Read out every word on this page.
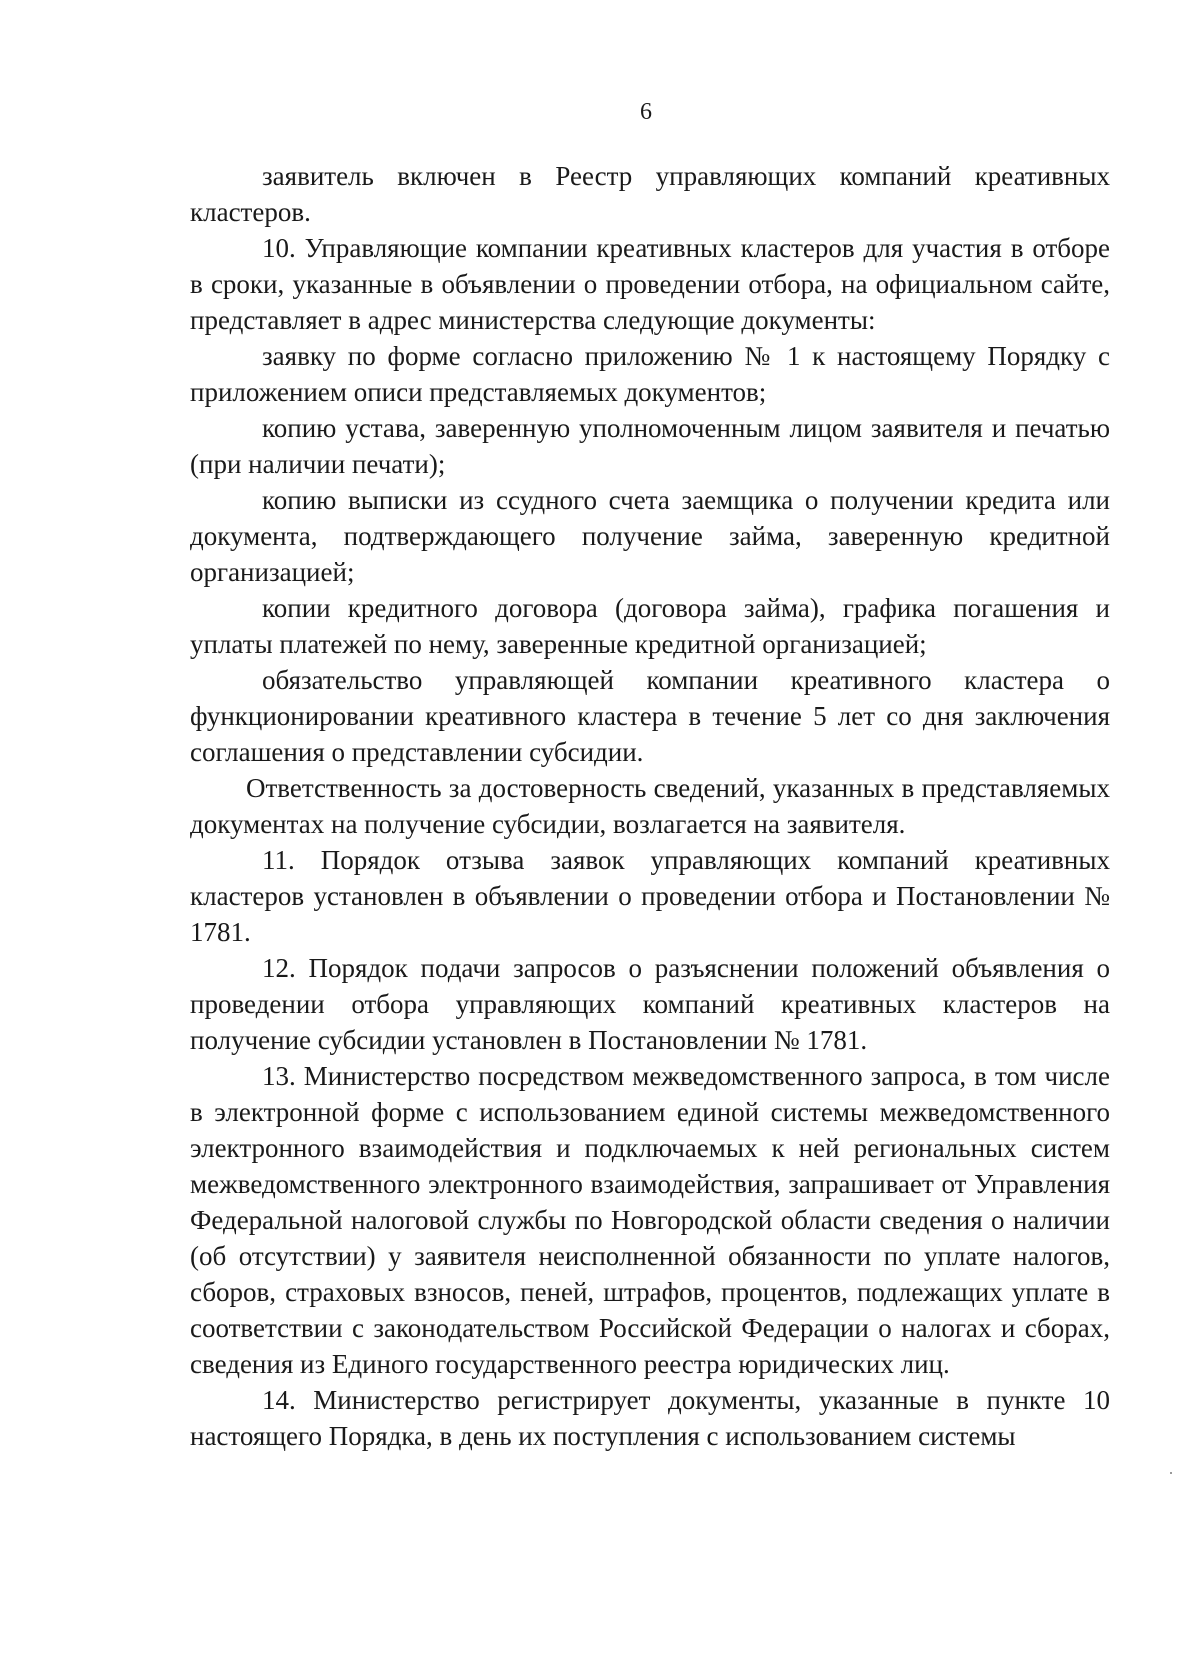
6

заявитель включен в Реестр управляющих компаний креативных кластеров.

10. Управляющие компании креативных кластеров для участия в отборе в сроки, указанные в объявлении о проведении отбора, на официальном сайте, представляет в адрес министерства следующие документы:

заявку по форме согласно приложению № 1 к настоящему Порядку с приложением описи представляемых документов;

копию устава, заверенную уполномоченным лицом заявителя и печатью (при наличии печати);

копию выписки из ссудного счета заемщика о получении кредита или документа, подтверждающего получение займа, заверенную кредитной организацией;

копии кредитного договора (договора займа), графика погашения и уплаты платежей по нему, заверенные кредитной организацией;

обязательство управляющей компании креативного кластера о функционировании креативного кластера в течение 5 лет со дня заключения соглашения о представлении субсидии.

Ответственность за достоверность сведений, указанных в представляемых документах на получение субсидии, возлагается на заявителя.

11. Порядок отзыва заявок управляющих компаний креативных кластеров установлен в объявлении о проведении отбора и Постановлении № 1781.

12. Порядок подачи запросов о разъяснении положений объявления о проведении отбора управляющих компаний креативных кластеров на получение субсидии установлен в Постановлении № 1781.

13. Министерство посредством межведомственного запроса, в том числе в электронной форме с использованием единой системы межведомственного электронного взаимодействия и подключаемых к ней региональных систем межведомственного электронного взаимодействия, запрашивает от Управления Федеральной налоговой службы по Новгородской области сведения о наличии (об отсутствии) у заявителя неисполненной обязанности по уплате налогов, сборов, страховых взносов, пеней, штрафов, процентов, подлежащих уплате в соответствии с законодательством Российской Федерации о налогах и сборах, сведения из Единого государственного реестра юридических лиц.

14. Министерство регистрирует документы, указанные в пункте 10 настоящего Порядка, в день их поступления с использованием системы
